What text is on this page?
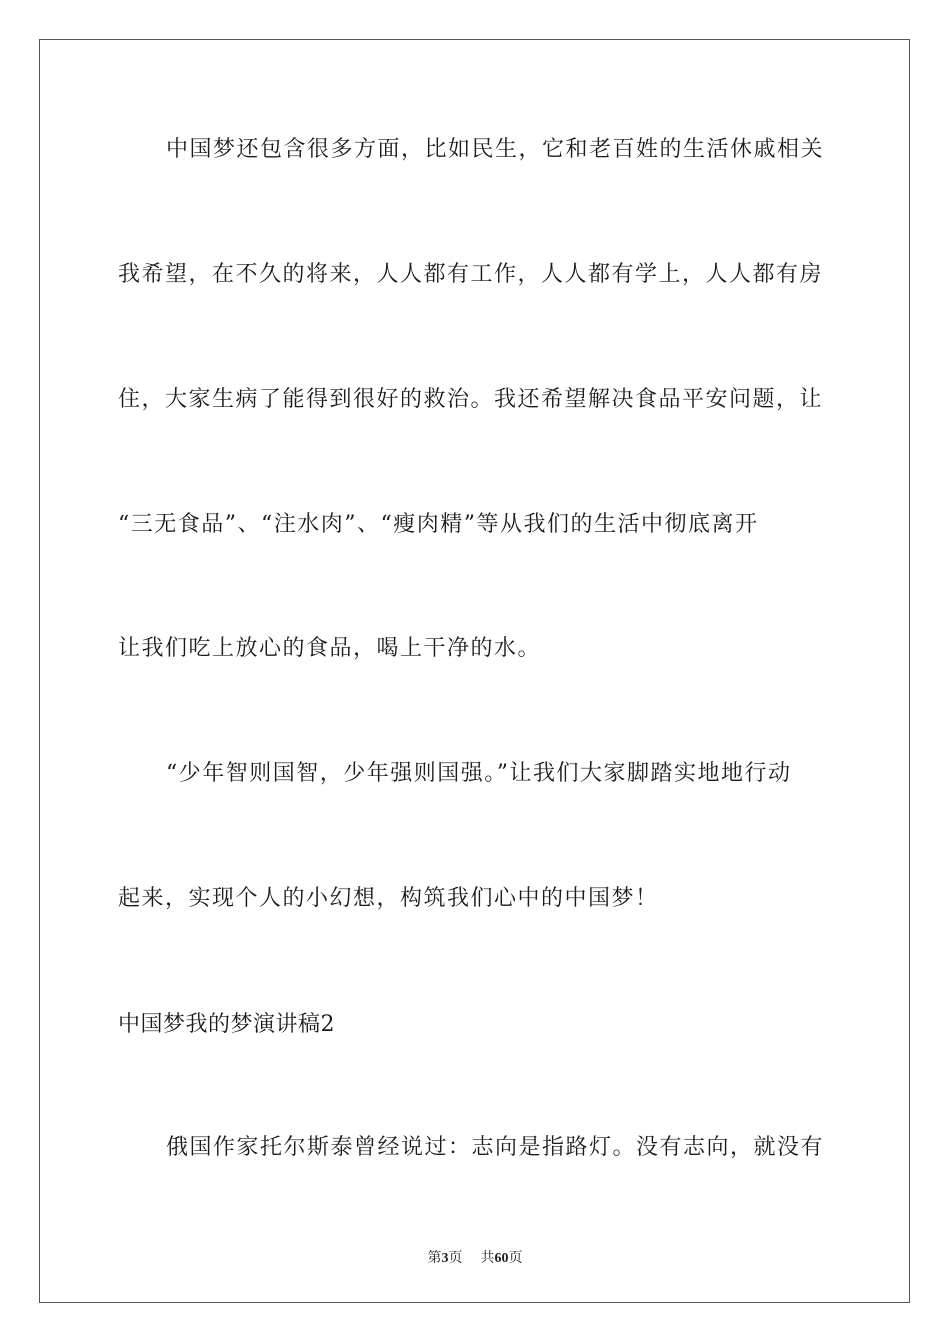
中国梦还包含很多方面，比如民生，它和老百姓的生活休戚相关
我希望，在不久的将来，人人都有工作，人人都有学上，人人都有房
住，大家生病了能得到很好的救治。我还希望解决食品平安问题，让
“三无食品”、“注水肉”、“瘦肉精”等从我们的生活中彻底离开
让我们吃上放心的食品，喝上干净的水。
“少年智则国智，少年强则国强。”让我们大家脚踏实地地行动
起来，实现个人的小幻想，构筑我们心中的中国梦！
中国梦我的梦演讲稿2
俄国作家托尔斯泰曾经说过：志向是指路灯。没有志向，就没有
第3页 共60页
